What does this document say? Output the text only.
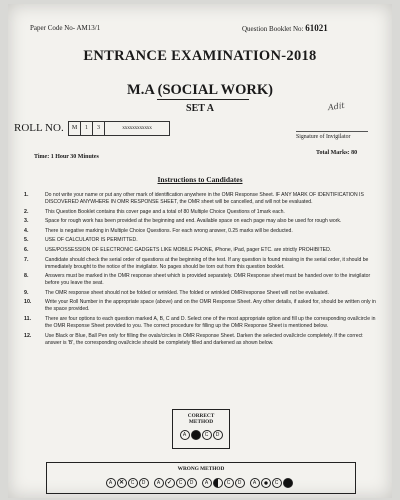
Paper Code No- AM13/1	Question Booklet No: 61021
ENTRANCE EXAMINATION-2018
M.A (SOCIAL WORK)
SET A
ROLL NO.	M	1	3	xxxxxxxxxxxx
Adit
Signature of Invigilator
Time: 1 Hour 30 Minutes
Total Marks: 80
Instructions to Candidates
1.	Do not write your name or put any other mark of identification anywhere in the OMR Response Sheet. IF ANY MARK OF IDENTIFICATION IS DISCOVERED ANYWHERE IN OMR RESPONSE SHEET, the OMR sheet will be cancelled, and will not be evaluated.
2.	This Question Booklet contains this cover page and a total of 80 Multiple Choice Questions of 1mark each.
3.	Space for rough work has been provided at the beginning and end. Available space on each page may also be used for rough work.
4.	There is negative marking in Multiple Choice Questions. For each wrong answer, 0.25 marks will be deducted.
5.	USE OF CALCULATOR IS PERMITTED.
6.	USE/POSSESSION OF ELECTRONIC GADGETS LIKE MOBILE PHONE, iPhone, iPad, pager ETC. are strictly PROHIBITED.
7.	Candidate should check the serial order of questions at the beginning of the test. If any question is found missing in the serial order, it should be immediately brought to the notice of the invigilator. No pages should be torn out from this question booklet.
8.	Answers must be marked in the OMR response sheet which is provided separately. OMR Response sheet must be handed over to the invigilator before you leave the seat.
9.	The OMR response sheet should not be folded or wrinkled. The folded or wrinkled OMR/response Sheet will not be evaluated.
10.	Write your Roll Number in the appropriate space (above) and on the OMR Response Sheet. Any other details, if asked for, should be written only in the space provided.
11.	There are four options to each question marked A, B, C and D. Select one of the most appropriate option and fill up the corresponding oval/circle in the OMR Response Sheet provided to you. The correct procedure for filling up the OMR Response Sheet is mentioned below.
12.	Use Black or Blue, Ball Pen only for filling the ovals/circles in OMR Response Sheet. Darken the selected oval/circle completely. If the correct answer is 'B', the corresponding oval/circle should be completely filled and darkened as shown below.
CORRECT
METHOD
A	B	C	D
WRONG METHOD
A	✕	C	D	A	✓	C	D	A	C	D	A	C
